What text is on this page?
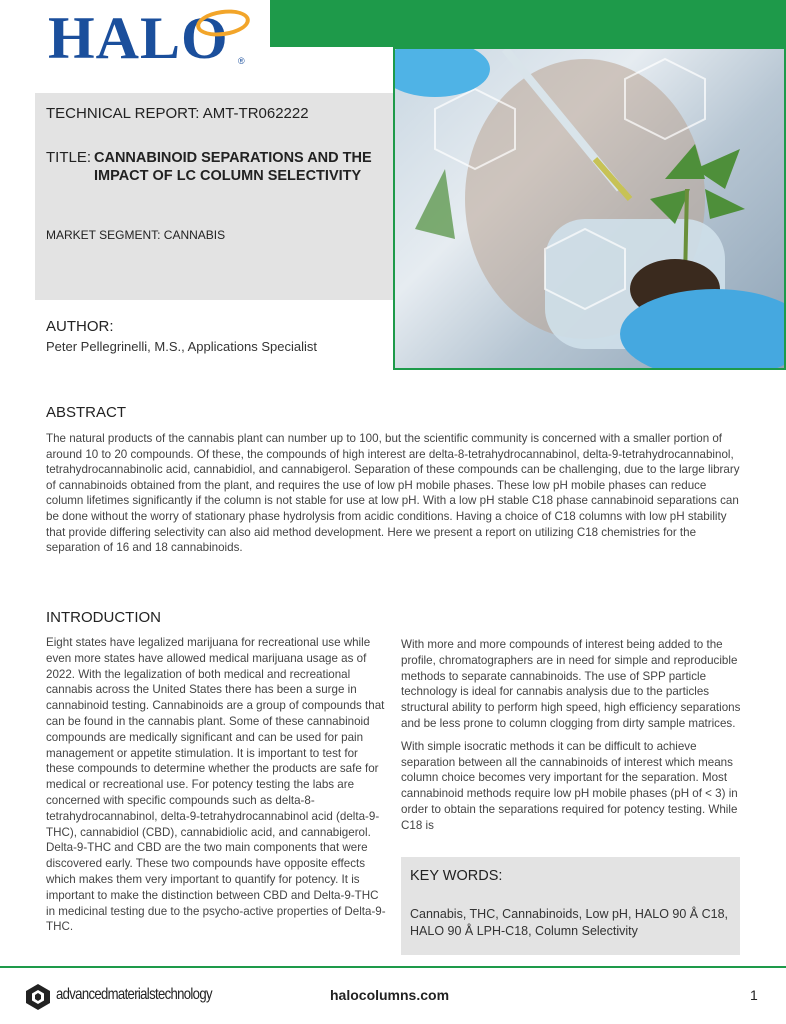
HALO ®
TECHNICAL REPORT: AMT-TR062222
TITLE: CANNABINOID SEPARATIONS AND THE IMPACT OF LC COLUMN SELECTIVITY
MARKET SEGMENT: CANNABIS
AUTHOR:
Peter Pellegrinelli, M.S., Applications Specialist
ABSTRACT
The natural products of the cannabis plant can number up to 100, but the scientific community is concerned with a smaller portion of around 10 to 20 compounds. Of these, the compounds of high interest are delta-8-tetrahydrocannabinol, delta-9-tetrahydrocannabinol, tetrahydrocannabinolic acid, cannabidiol, and cannabigerol. Separation of these compounds can be challenging, due to the large library of cannabinoids obtained from the plant, and requires the use of low pH mobile phases. These low pH mobile phases can reduce column lifetimes significantly if the column is not stable for use at low pH. With a low pH stable C18 phase cannabinoid separations can be done without the worry of stationary phase hydrolysis from acidic conditions. Having a choice of C18 columns with low pH stability that provide differing selectivity can also aid method development. Here we present a report on utilizing C18 chemistries for the separation of 16 and 18 cannabinoids.
INTRODUCTION
Eight states have legalized marijuana for recreational use while even more states have allowed medical marijuana usage as of 2022. With the legalization of both medical and recreational cannabis across the United States there has been a surge in cannabinoid testing. Cannabinoids are a group of compounds that can be found in the cannabis plant. Some of these cannabinoid compounds are medically significant and can be used for pain management or appetite stimulation. It is important to test for these compounds to determine whether the products are safe for medical or recreational use. For potency testing the labs are concerned with specific compounds such as delta-8-tetrahydrocannabinol, delta-9-tetrahydrocannabinol acid (delta-9-THC), cannabidiol (CBD), cannabidiolic acid, and cannabigerol. Delta-9-THC and CBD are the two main components that were discovered early. These two compounds have opposite effects which makes them very important to quantify for potency. It is important to make the distinction between CBD and Delta-9-THC in medicinal testing due to the psycho-active properties of Delta-9-THC.

With more and more compounds of interest being added to the profile, chromatographers are in need for simple and reproducible methods to separate cannabinoids. The use of SPP particle technology is ideal for cannabis analysis due to the particles structural ability to perform high speed, high efficiency separations and be less prone to column clogging from dirty sample matrices.

With simple isocratic methods it can be difficult to achieve separation between all the cannabinoids of interest which means column choice becomes very important for the separation. Most cannabinoid methods require low pH mobile phases (pH of < 3) in order to obtain the separations required for potency testing. While C18 is

KEY WORDS:
Cannabis, THC, Cannabinoids, Low pH, HALO 90 Å C18, HALO 90 Å LPH-C18, Column Selectivity
advancedmaterialstechnology	halocolumns.com	1
